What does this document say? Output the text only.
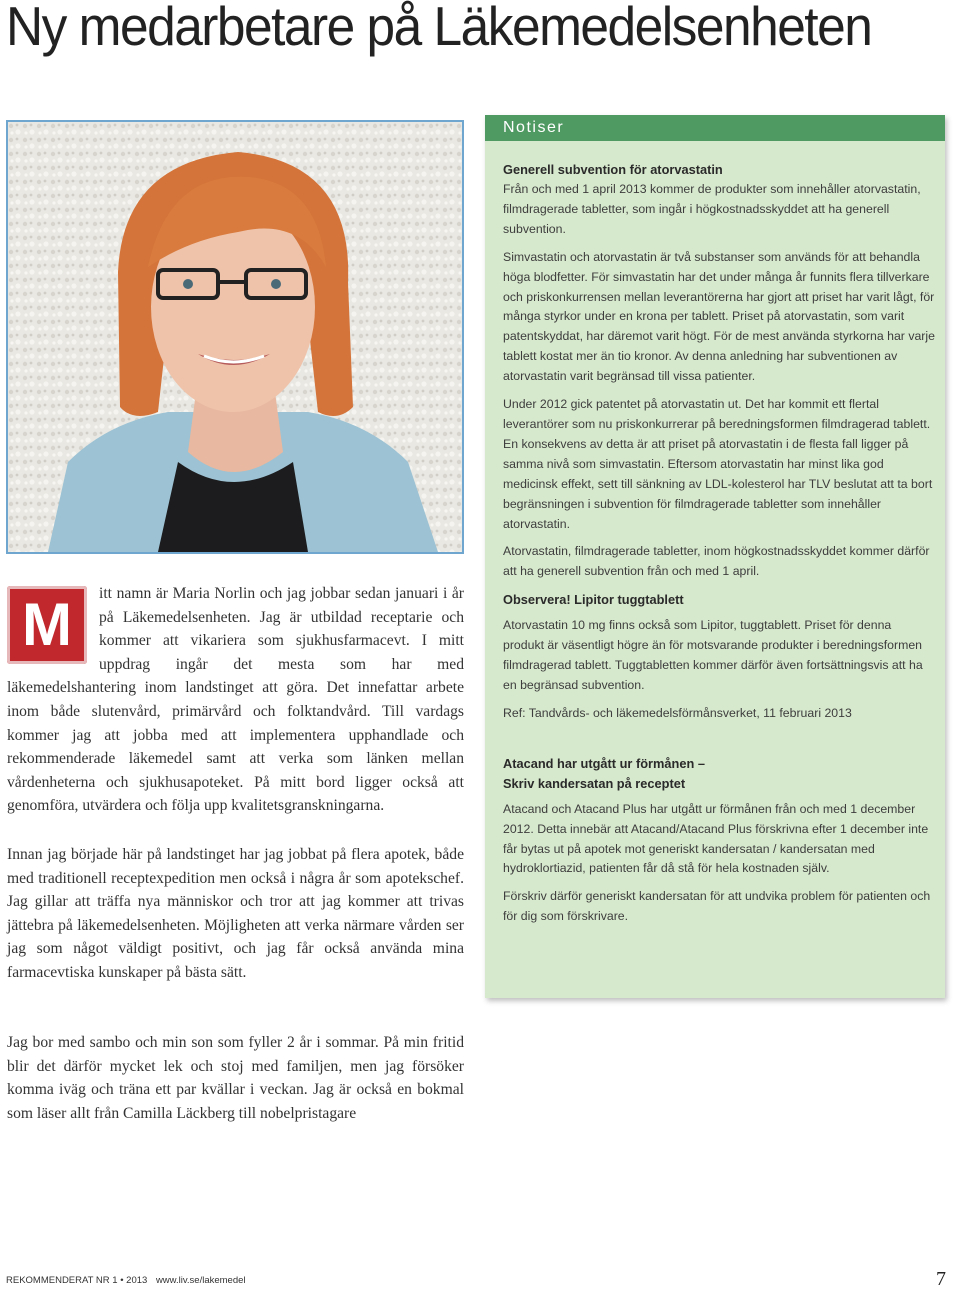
Ny medarbetare på Läkemedelsenheten
M	itt namn är Maria Norlin och jag jobbar sedan januari i år på Läkemedelsenheten. Jag är utbildad receptarie och kommer att vikariera som sjukhusfarmacevt. I mitt uppdrag ingår det mesta som har med läkemedelshantering inom landstinget att göra. Det innefattar arbete inom både slutenvård, primärvård och folktandvård. Till vardags kommer jag att jobba med att implementera upphandlade och rekommenderade läkemedel samt att verka som länken mellan vårdenheterna och sjukhusapoteket. På mitt bord ligger också att genomföra, utvärdera och följa upp kvalitetsgranskningarna.

Innan jag började här på landstinget har jag jobbat på flera apotek, både med traditionell receptexpedition men också i några år som apotekschef. Jag gillar att träffa nya människor och tror att jag kommer att trivas jättebra på läkemedelsenheten. Möjligheten att verka närmare vården ser jag som något väldigt positivt, och jag får också använda mina farmacevtiska kunskaper på bästa sätt.

Jag bor med sambo och min son som fyller 2 år i sommar. På min fritid blir det därför mycket lek och stoj med familjen, men jag försöker komma iväg och träna ett par kvällar i veckan. Jag är också en bokmal som läser allt från Camilla Läckberg till nobelpristagare

Notiser
Generell subvention för atorvastatin

Från och med 1 april 2013 kommer de produkter som innehåller atorvastatin, filmdragerade tabletter, som ingår i högkostnadsskyddet att ha generell subvention.

Simvastatin och atorvastatin är två substanser som används för att behandla höga blodfetter. För simvastatin har det under många år funnits flera tillverkare och priskonkurrensen mellan leverantörerna har gjort att priset har varit lågt, för många styrkor under en krona per tablett. Priset på atorvastatin, som varit patentskyddat, har däremot varit högt. För de mest använda styrkorna har varje tablett kostat mer än tio kronor. Av denna anledning har subventionen av atorvastatin varit begränsad till vissa patienter.

Under 2012 gick patentet på atorvastatin ut. Det har kommit ett flertal leverantörer som nu priskonkurrerar på beredningsformen filmdragerad tablett. En konsekvens av detta är att priset på atorvastatin i de flesta fall ligger på samma nivå som simvastatin. Eftersom atorvastatin har minst lika god medicinsk effekt, sett till sänkning av LDL-kolesterol har TLV beslutat att ta bort begränsningen i subvention för filmdragerade tabletter som innehåller atorvastatin.

Atorvastatin, filmdragerade tabletter, inom högkostnadsskyddet kommer därför att ha generell subvention från och med 1 april.

Observera! Lipitor tuggtablett

Atorvastatin 10 mg finns också som Lipitor, tuggtablett. Priset för denna produkt är väsentligt högre än för motsvarande produkter i beredningsformen filmdragerad tablett. Tuggtabletten kommer därför även fortsättningsvis att ha en begränsad subvention.

Ref: Tandvårds- och läkemedelsförmånsverket, 11 februari 2013

Atacand har utgått ur förmånen –
Skriv kandersatan på receptet

Atacand och Atacand Plus har utgått ur förmånen från och med 1 december 2012. Detta innebär att Atacand/Atacand Plus förskrivna efter 1 december inte får bytas ut på apotek mot generiskt kandersatan / kandersatan med hydroklortiazid, patienten får då stå för hela kostnaden själv.

Förskriv därför generiskt kandersatan för att undvika problem för patienten och för dig som förskrivare.

REKOMMENDERAT NR 1 • 2013 www.liv.se/lakemedel	7
